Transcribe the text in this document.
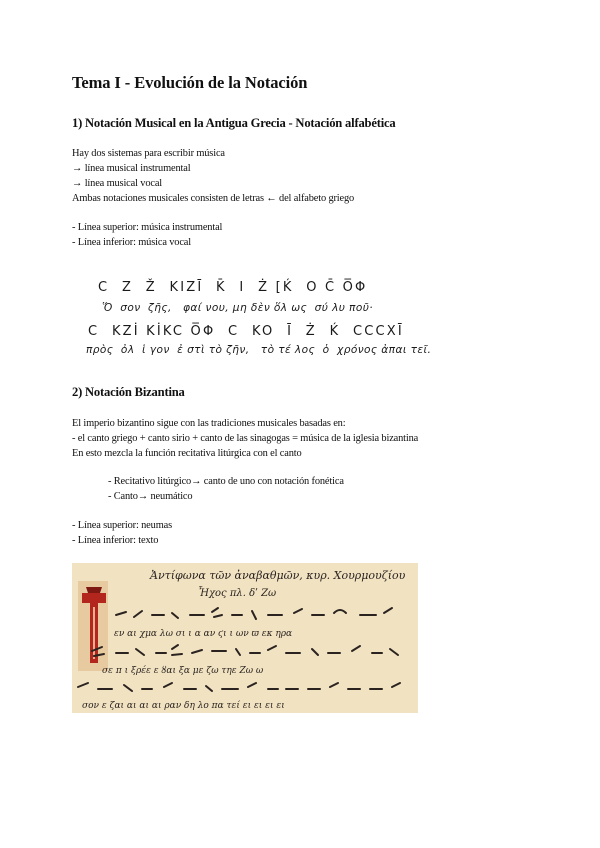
Tema I - Evolución de la Notación
1) Notación Musical en la Antigua Grecia - Notación alfabética
Hay dos sistemas para escribir música
→ línea musical instrumental
→ línea musical vocal
Ambas notaciones musicales consisten de letras ← del alfabeto griego
- Línea superior: música instrumental
- Línea inferior: música vocal
C  Z  Ž  KIZĪ  K̄  I  Ż [Ḱ  O C̄ O̅Φ
Ὅ  σον  ζῆς,   φαί νου, μη δὲν ὅλ ως  σύ λυ ποῦ·
C  KZİ KİKC O̅Φ  C  KO  Ī  Ż  Ḱ  CCCXĪ
πρὸς  ὀλ  ἱ γον  ἐ στὶ τὸ ζῆν,   τὸ τέ λος  ὁ  χρόνος ἀπαι τεῖ.
2) Notación Bizantina
El imperio bizantino sigue con las tradiciones musicales basadas en:
- el canto griego + canto sirio + canto de las sinagogas = música de la iglesia bizantina
En esto mezcla la función recitativa litúrgica con el canto
- Recitativo litúrgico→ canto de uno con notación fonética
- Canto→ neumático
- Línea superior: neumas
- Línea inferior: texto
Ἀντίφωνα τῶν ἀναβαθμῶν, κυρ. Χουρμουζίου
Ἦχος πλ. δʹ Ζω
εν αι χμα λω σι ι α αν ϛι ι ων ϖ εκ ηρα
σε π ι ξρέε ε ȣαι ξα με ζω τηε Ζω ω
σον ε ζαι αι αι αι ραν δη λο πα τεί ει ει ει ει
